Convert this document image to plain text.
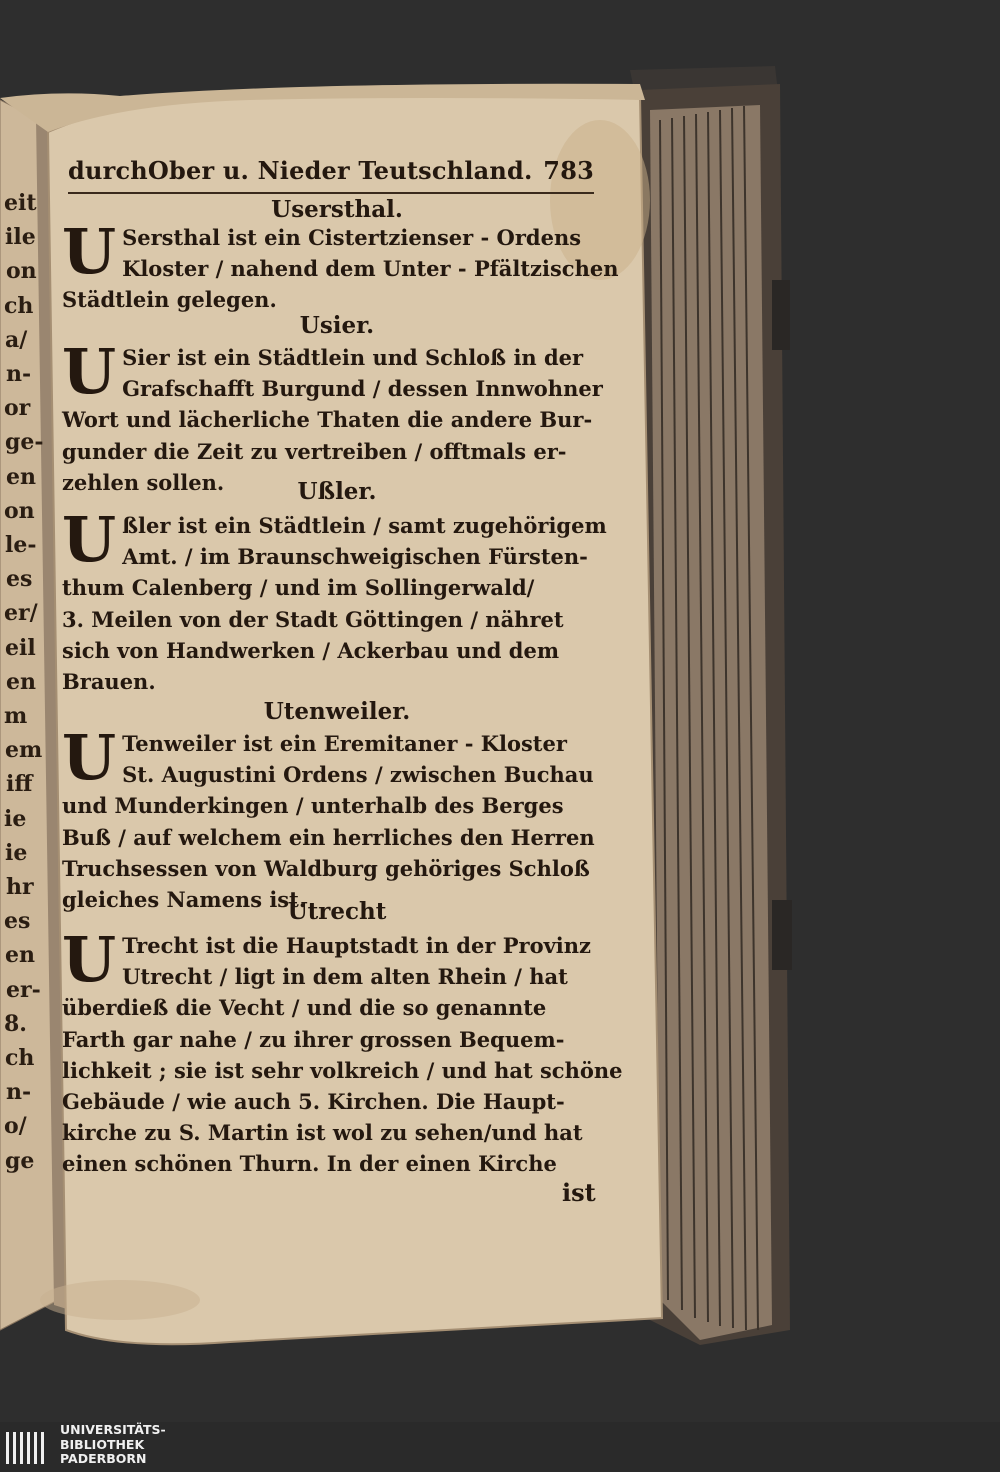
eit
ile
on
ch
a/
n-
or
ge-
en
on
le-
es
er/
eil
en
m
em
iff
ie
ie
hr
es
en
er-
8.
ch
n-
o/
ge
durchOber u. Nieder Teutschland. 783
Usersthal.
U Sersthal ist ein Cistertzienser - Ordens
Kloster / nahend dem Unter - Pfältzischen
Städtlein gelegen.
Usier.
U Sier ist ein Städtlein und Schloß in der
Grafschafft Burgund / dessen Innwohner
Wort und lächerliche Thaten die andere Bur-
gunder die Zeit zu vertreiben / offtmals er-
zehlen sollen.	Ußler.
U ßler ist ein Städtlein / samt zugehörigem
Amt. / im Braunschweigischen Fürsten-
thum Calenberg / und im Sollingerwald/
3. Meilen von der Stadt Göttingen / nähret
sich von Handwerken / Ackerbau und dem
Brauen.
Utenweiler.
U Tenweiler ist ein Eremitaner - Kloster
St. Augustini Ordens / zwischen Buchau
und Munderkingen / unterhalb des Berges
Buß / auf welchem ein herrliches den Herren
Truchsessen von Waldburg gehöriges Schloß
gleiches Namens ist.
Utrecht
U Trecht ist die Hauptstadt in der Provinz
Utrecht / ligt in dem alten Rhein / hat
überdieß die Vecht / und die so genannte
Farth gar nahe / zu ihrer grossen Bequem-
lichkeit ; sie ist sehr volkreich / und hat schöne
Gebäude / wie auch 5. Kirchen. Die Haupt-
kirche zu S. Martin ist wol zu sehen/und hat
einen schönen Thurn. In der einen Kirche
ist
UNIVERSITÄTS-
BIBLIOTHEK
PADERBORN
